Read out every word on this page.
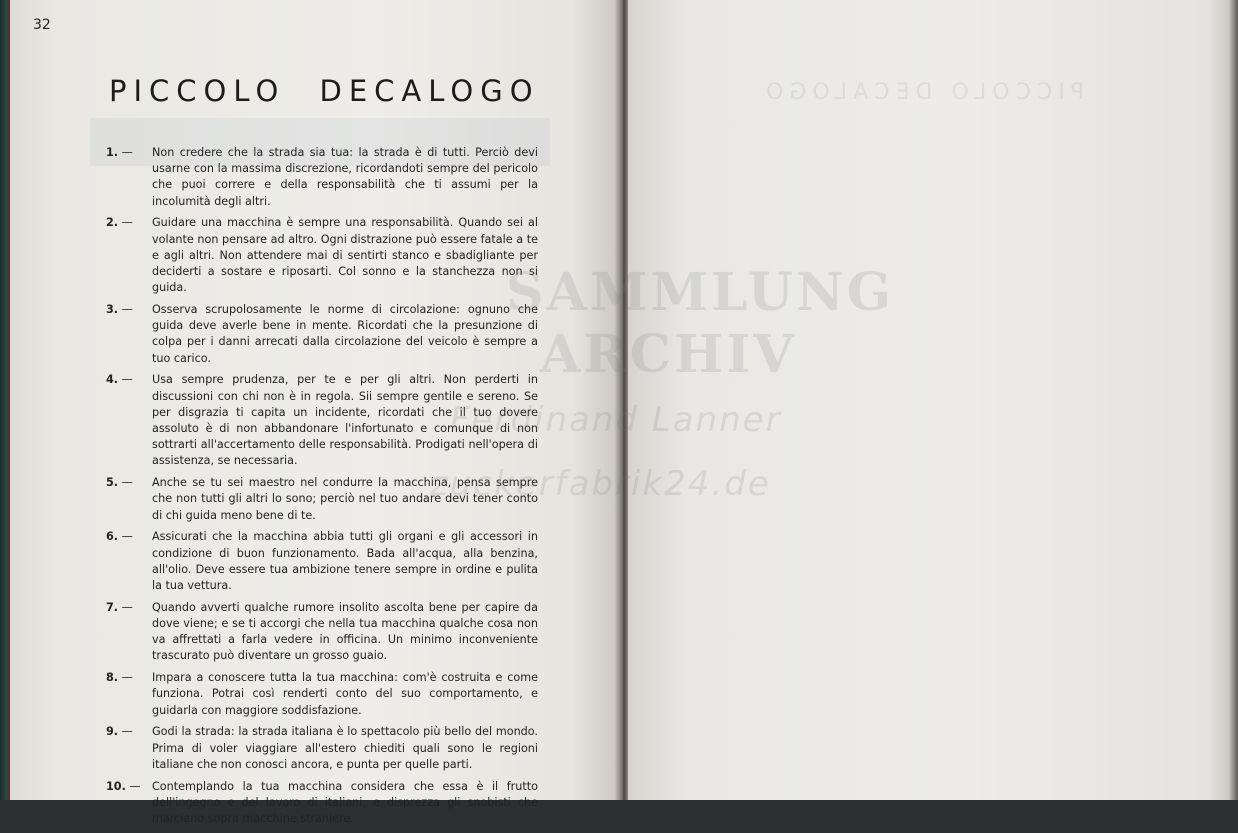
32
PICCOLO DECALOGO
1. —	Non credere che la strada sia tua: la strada è di tutti. Perciò devi usarne con la massima discrezione, ricordandoti sempre del pericolo che puoi correre e della responsabilità che ti assumi per la incolumità degli altri.
2. —	Guidare una macchina è sempre una responsabilità. Quando sei al volante non pensare ad altro. Ogni distrazione può essere fatale a te e agli altri. Non attendere mai di sentirti stanco e sbadigliante per deciderti a sostare e riposarti. Col sonno e la stanchezza non si guida.
3. —	Osserva scrupolosamente le norme di circolazione: ognuno che guida deve averle bene in mente. Ricordati che la presunzione di colpa per i danni arrecati dalla circolazione del veicolo è sempre a tuo carico.
4. —	Usa sempre prudenza, per te e per gli altri. Non perderti in discussioni con chi non è in regola. Sii sempre gentile e sereno. Se per disgrazia ti capita un incidente, ricordati che il tuo dovere assoluto è di non abbandonare l'infortunato e comunque di non sottrarti all'accertamento delle responsabilità. Prodigati nell'opera di assistenza, se necessaria.
5. —	Anche se tu sei maestro nel condurre la macchina, pensa sempre che non tutti gli altri lo sono; perciò nel tuo andare devi tener conto di chi guida meno bene di te.
6. —	Assicurati che la macchina abbia tutti gli organi e gli accessori in condizione di buon funzionamento. Bada all'acqua, alla benzina, all'olio. Deve essere tua ambizione tenere sempre in ordine e pulita la tua vettura.
7. —	Quando avverti qualche rumore insolito ascolta bene per capire da dove viene; e se ti accorgi che nella tua macchina qualche cosa non va affrettati a farla vedere in officina. Un minimo inconveniente trascurato può diventare un grosso guaio.
8. —	Impara a conoscere tutta la tua macchina: com'è costruita e come funziona. Potrai così renderti conto del suo comportamento, e guidarla con maggiore soddisfazione.
9. —	Godi la strada: la strada italiana è lo spettacolo più bello del mondo. Prima di voler viaggiare all'estero chiediti quali sono le regioni italiane che non conosci ancora, e punta per quelle parti.
10. —	Contemplando la tua macchina considera che essa è il frutto dell'ingegno e del lavoro di italiani, e disprezza gli snobisti che marciano sopra macchine straniere.
PICCOLO DECALOGO
